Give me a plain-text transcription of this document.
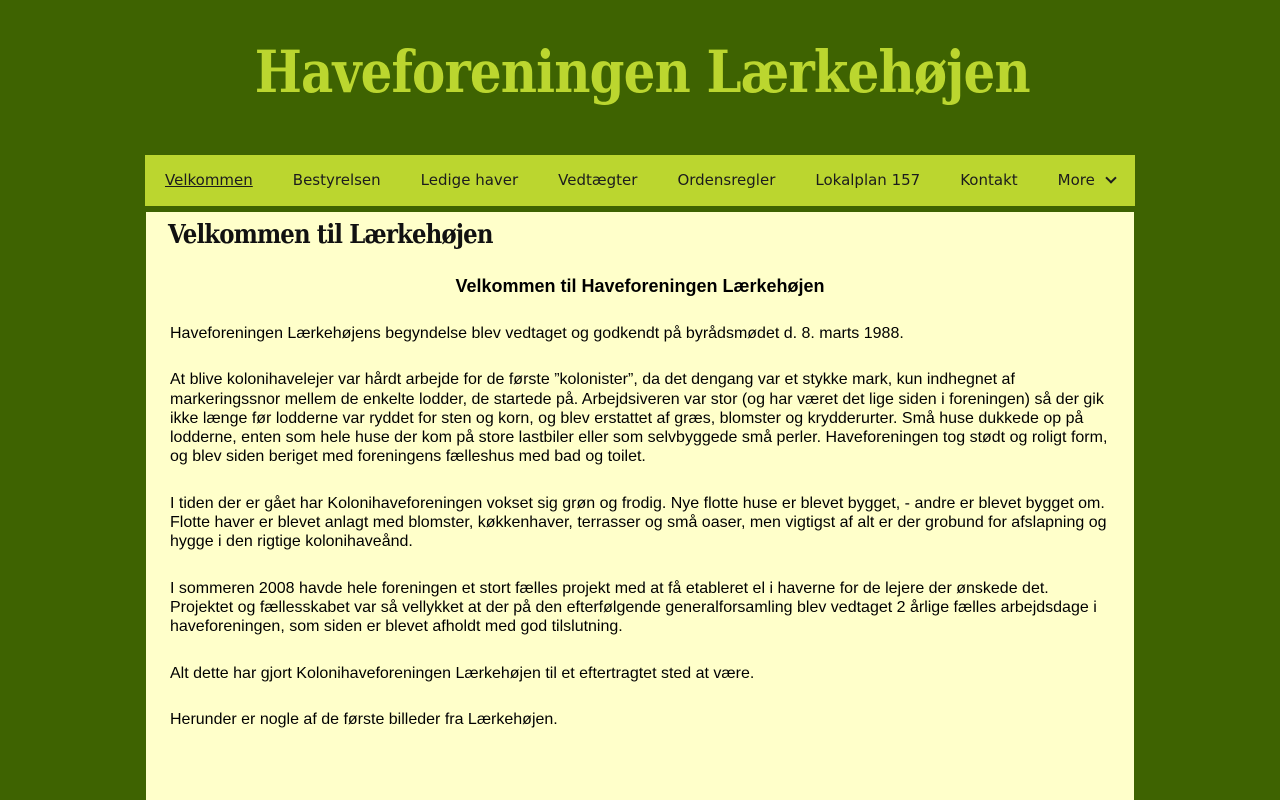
Haveforeningen Lærkehøjen
Velkommen	Bestyrelsen	Ledige haver	Vedtægter	Ordensregler	Lokalplan 157	Kontakt	More
Velkommen til Lærkehøjen
Velkommen til Haveforeningen Lærkehøjen

Haveforeningen Lærkehøjens begyndelse blev vedtaget og godkendt på byrådsmødet d. 8. marts 1988.

At blive kolonihavelejer var hårdt arbejde for de første ”kolonister”, da det dengang var et stykke mark, kun indhegnet af markeringssnor mellem de enkelte lodder, de startede på. Arbejdsiveren var stor (og har været det lige siden i foreningen) så der gik ikke længe før lodderne var ryddet for sten og korn, og blev erstattet af græs, blomster og krydderurter. Små huse dukkede op på lodderne, enten som hele huse der kom på store lastbiler eller som selvbyggede små perler. Haveforeningen tog stødt og roligt form, og blev siden beriget med foreningens fælleshus med bad og toilet.

I tiden der er gået har Kolonihaveforeningen vokset sig grøn og frodig. Nye flotte huse er blevet bygget, - andre er blevet bygget om. Flotte haver er blevet anlagt med blomster, køkkenhaver, terrasser og små oaser, men vigtigst af alt er der grobund for afslapning og hygge i den rigtige kolonihaveånd.

I sommeren 2008 havde hele foreningen et stort fælles projekt med at få etableret el i haverne for de lejere der ønskede det. Projektet og fællesskabet var så vellykket at der på den efterfølgende generalforsamling blev vedtaget 2 årlige fælles arbejdsdage i haveforeningen, som siden er blevet afholdt med god tilslutning.

Alt dette har gjort Kolonihaveforeningen Lærkehøjen til et eftertragtet sted at være.

Herunder er nogle af de første billeder fra Lærkehøjen.
